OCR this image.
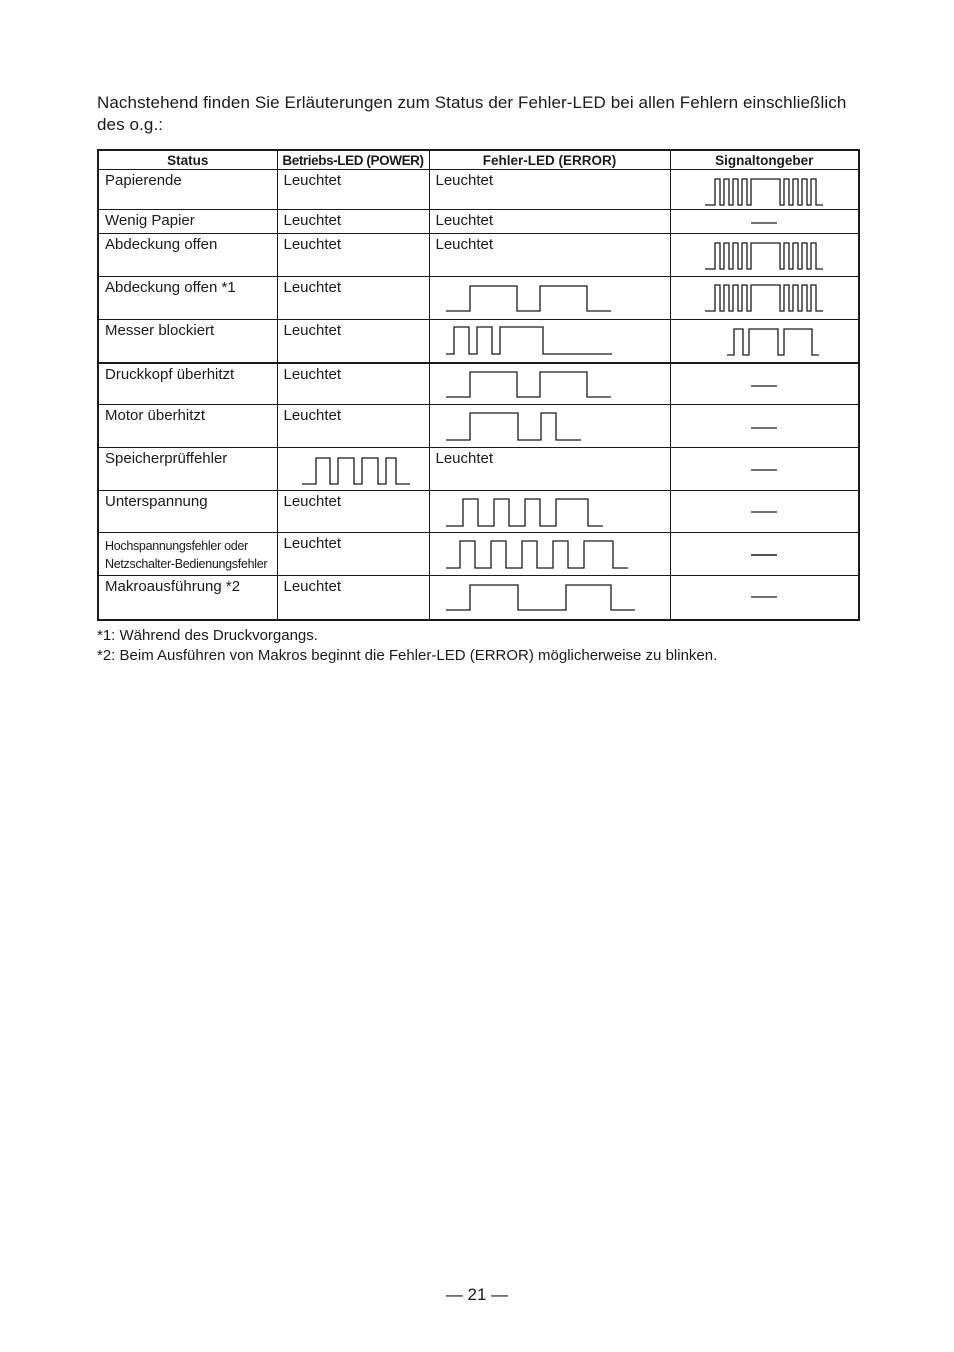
Nachstehend finden Sie Erläuterungen zum Status der Fehler-LED bei allen Fehlern einschließlich des o.g.:

Status	Betriebs-LED (POWER)	Fehler-LED (ERROR)	Signaltongeber

Papierende	Leuchtet	Leuchtet

Wenig Papier	Leuchtet	Leuchtet

Abdeckung offen	Leuchtet	Leuchtet

Abdeckung offen *1	Leuchtet

Messer blockiert	Leuchtet

Druckkopf überhitzt	Leuchtet

Motor überhitzt	Leuchtet

Speicherprüffehler		Leuchtet

Unterspannung	Leuchtet

Hochspannungsfehler oder
Netzschalter-Bedienungsfehler	Leuchtet

Makroausführung *2	Leuchtet

*1: Während des Druckvorgangs.

*2: Beim Ausführen von Makros beginnt die Fehler-LED (ERROR) möglicherweise zu blinken.

— 21 —
